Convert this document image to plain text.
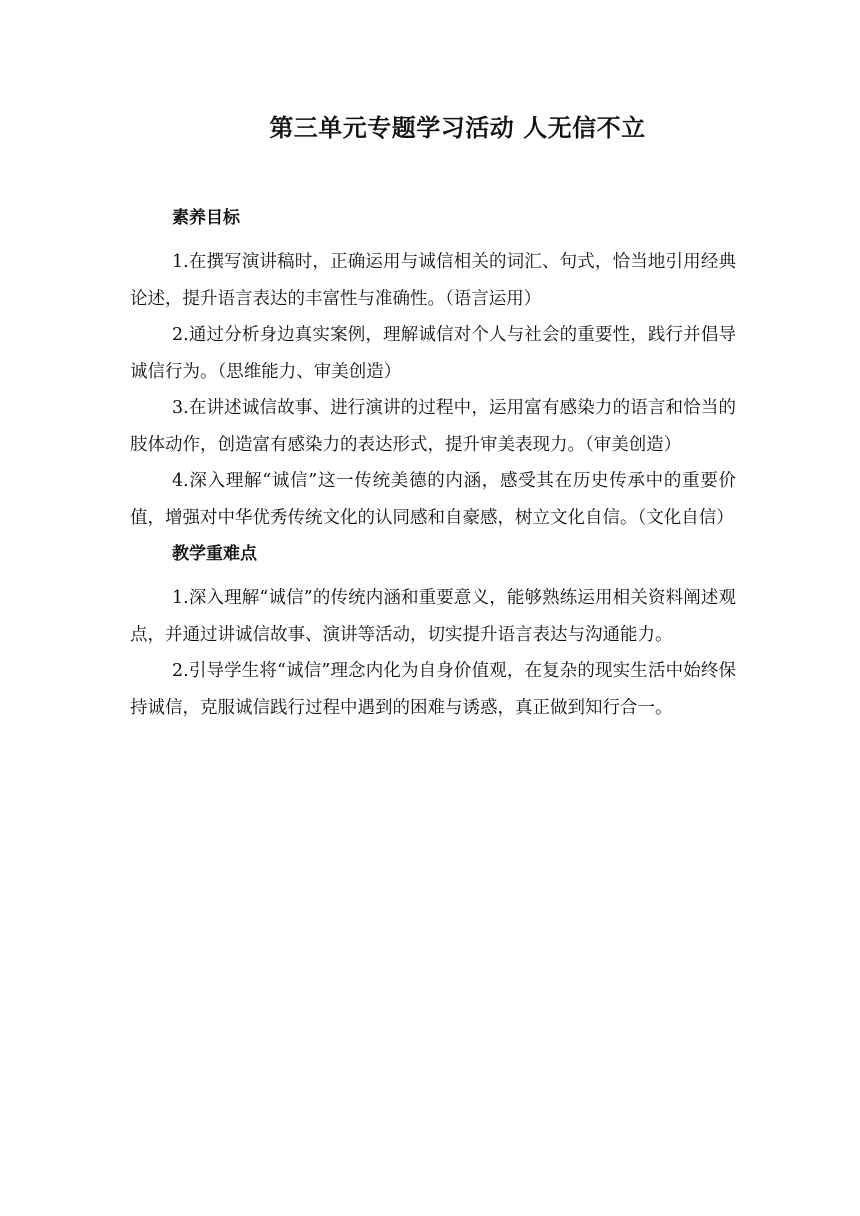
第三单元专题学习活动 人无信不立
素养目标

1.在撰写演讲稿时，正确运用与诚信相关的词汇、句式，恰当地引用经典论述，提升语言表达的丰富性与准确性。（语言运用）

2.通过分析身边真实案例，理解诚信对个人与社会的重要性，践行并倡导诚信行为。（思维能力、审美创造）

3.在讲述诚信故事、进行演讲的过程中，运用富有感染力的语言和恰当的肢体动作，创造富有感染力的表达形式，提升审美表现力。（审美创造）

4.深入理解“诚信”这一传统美德的内涵，感受其在历史传承中的重要价值，增强对中华优秀传统文化的认同感和自豪感，树立文化自信。（文化自信）

教学重难点

1.深入理解“诚信”的传统内涵和重要意义，能够熟练运用相关资料阐述观点，并通过讲诚信故事、演讲等活动，切实提升语言表达与沟通能力。

2.引导学生将“诚信”理念内化为自身价值观，在复杂的现实生活中始终保持诚信，克服诚信践行过程中遇到的困难与诱惑，真正做到知行合一。
